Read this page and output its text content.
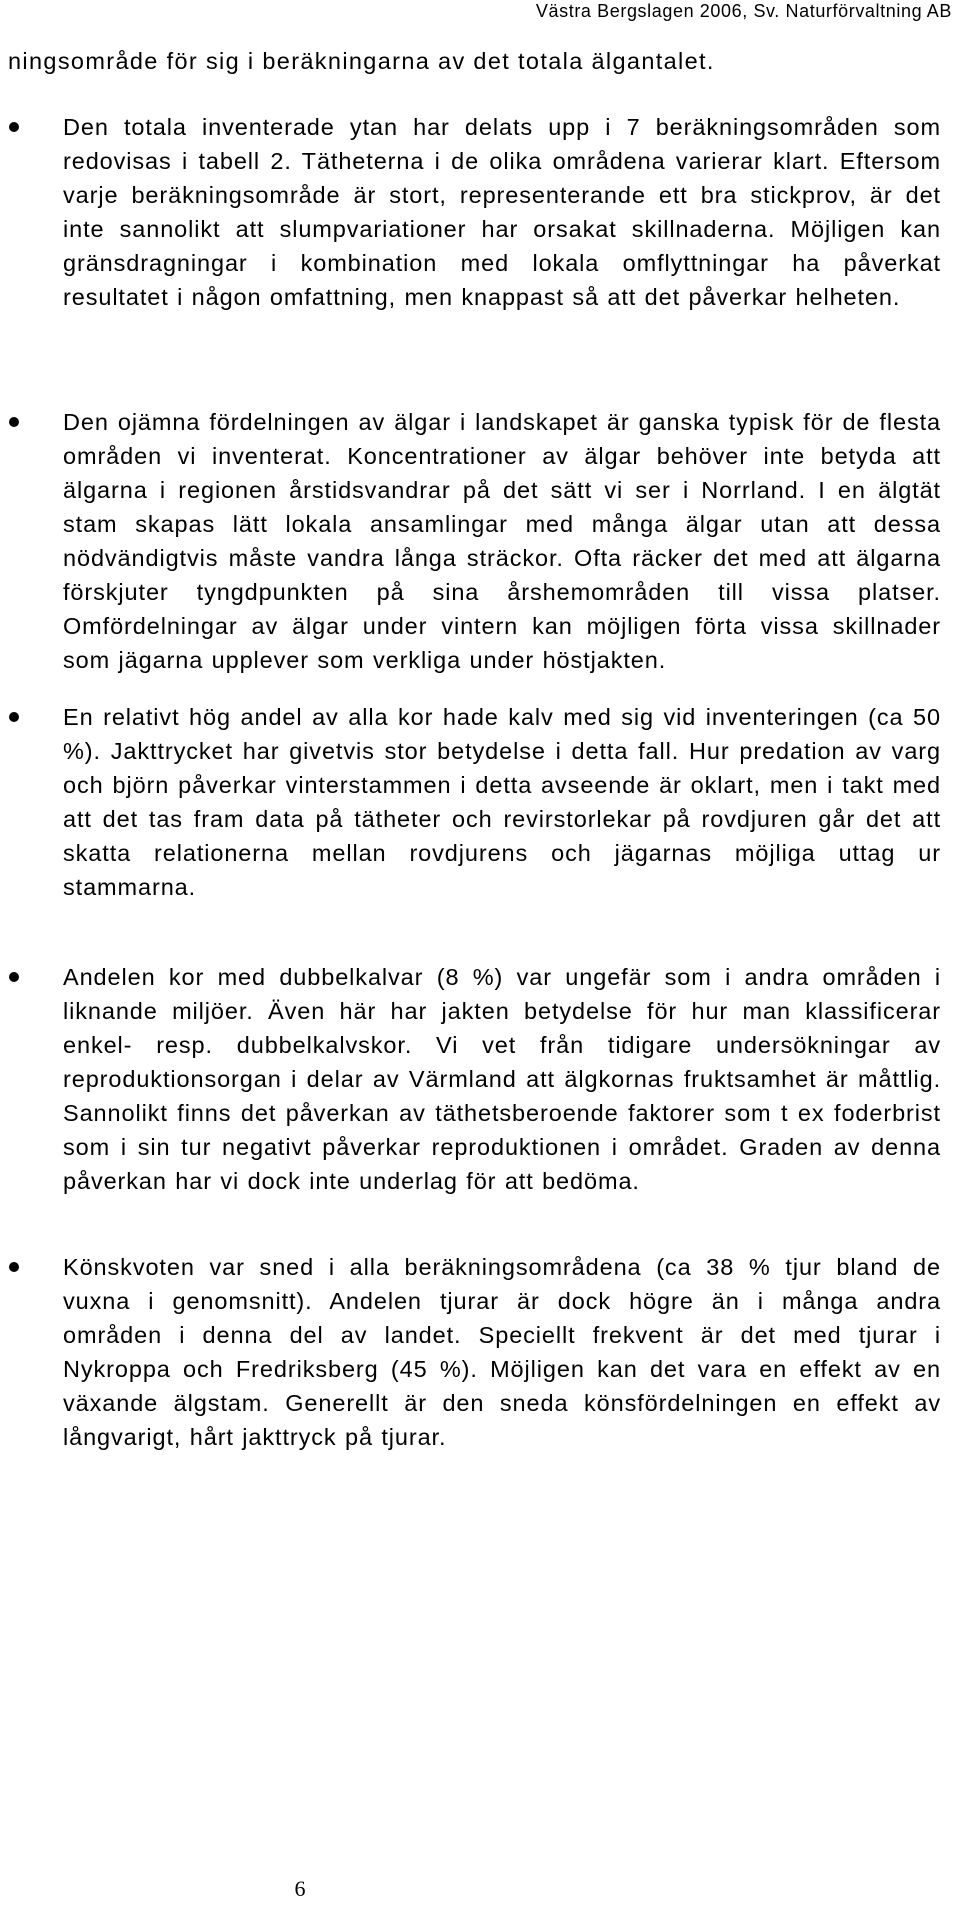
Västra Bergslagen 2006, Sv. Naturförvaltning AB
ningsområde för sig i beräkningarna av det totala älgantalet.

Den totala inventerade ytan har delats upp i 7 beräkningsområden som redovisas i tabell 2. Tätheterna i de olika områdena varierar klart. Eftersom varje beräkningsområde är stort, representerande ett bra stickprov, är det inte sannolikt att slumpvariationer har orsakat skillnaderna. Möjligen kan gränsdragningar i kombination med lokala omflyttningar ha påverkat resultatet i någon omfattning, men knappast så att det påverkar helheten.

Den ojämna fördelningen av älgar i landskapet är ganska typisk för de flesta områden vi inventerat. Koncentrationer av älgar behöver inte betyda att älgarna i regionen årstidsvandrar på det sätt vi ser i Norrland. I en älgtät stam skapas lätt lokala ansamlingar med många älgar utan att dessa nödvändigtvis måste vandra långa sträckor. Ofta räcker det med att älgarna förskjuter tyngdpunkten på sina årshemområden till vissa platser. Omfördelningar av älgar under vintern kan möjligen förta vissa skillnader som jägarna upplever som verkliga under höstjakten.

En relativt hög andel av alla kor hade kalv med sig vid inventeringen (ca 50 %). Jakttrycket har givetvis stor betydelse i detta fall. Hur predation av varg och björn påverkar vinterstammen i detta avseende är oklart, men i takt med att det tas fram data på tätheter och revirstorlekar på rovdjuren går det att skatta relationerna mellan rovdjurens och jägarnas möjliga uttag ur stammarna.

Andelen kor med dubbelkalvar (8 %) var ungefär som i andra områden i liknande miljöer. Även här har jakten betydelse för hur man klassificerar enkel- resp. dubbelkalvskor. Vi vet från tidigare undersökningar av reproduktionsorgan i delar av Värmland att älgkornas fruktsamhet är måttlig. Sannolikt finns det påverkan av täthetsberoende faktorer som t ex foderbrist som i sin tur negativt påverkar reproduktionen i området. Graden av denna påverkan har vi dock inte underlag för att bedöma.

Könskvoten var sned i alla beräkningsområdena (ca 38 % tjur bland de vuxna i genomsnitt). Andelen tjurar är dock högre än i många andra områden i denna del av landet. Speciellt frekvent är det med tjurar i Nykroppa och Fredriksberg (45 %). Möjligen kan det vara en effekt av en växande älgstam. Generellt är den sneda könsfördelningen en effekt av långvarigt, hårt jakttryck på tjurar.

6
